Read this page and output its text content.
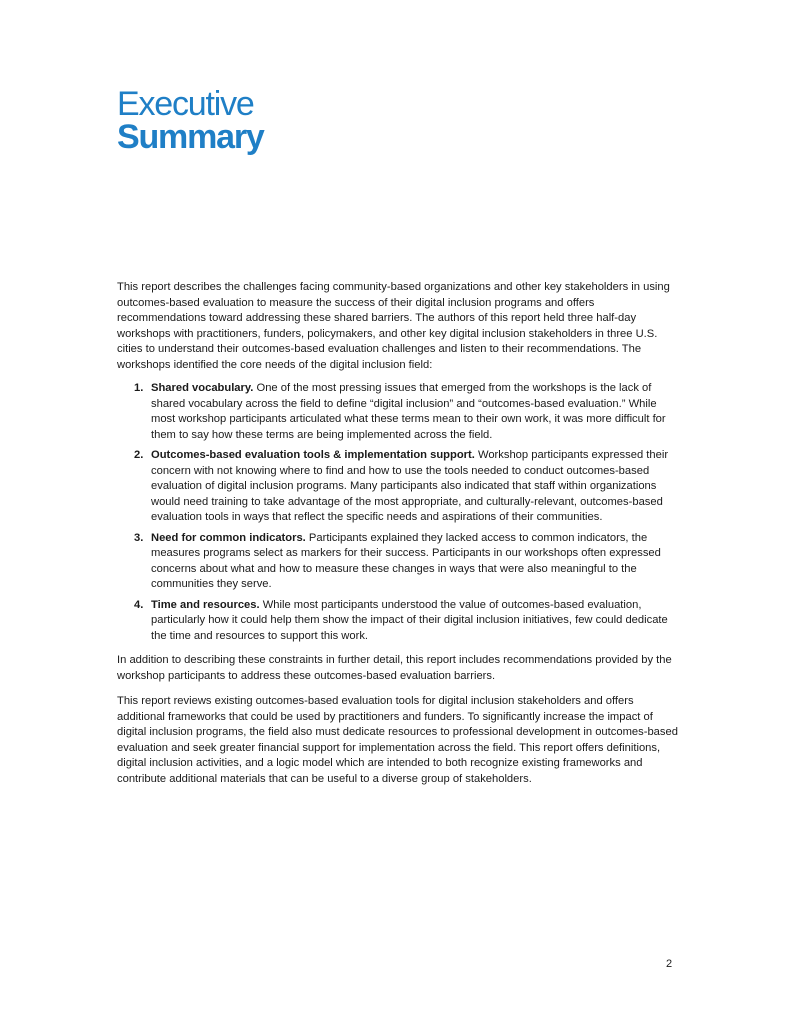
Executive
Summary

This report describes the challenges facing community-based organizations and other key stakeholders in using outcomes-based evaluation to measure the success of their digital inclusion programs and offers recommendations toward addressing these shared barriers. The authors of this report held three half-day workshops with practitioners, funders, policymakers, and other key digital inclusion stakeholders in three U.S. cities to understand their outcomes-based evaluation challenges and listen to their recommendations. The workshops identified the core needs of the digital inclusion field:

1. Shared vocabulary. One of the most pressing issues that emerged from the workshops is the lack of shared vocabulary across the field to define “digital inclusion” and “outcomes-based evaluation.” While most workshop participants articulated what these terms mean to their own work, it was more difficult for them to say how these terms are being implemented across the field.
2. Outcomes-based evaluation tools & implementation support. Workshop participants expressed their concern with not knowing where to find and how to use the tools needed to conduct outcomes-based evaluation of digital inclusion programs. Many participants also indicated that staff within organizations would need training to take advantage of the most appropriate, and culturally-relevant, outcomes-based evaluation tools in ways that reflect the specific needs and aspirations of their communities.
3. Need for common indicators. Participants explained they lacked access to common indicators, the measures programs select as markers for their success. Participants in our workshops often expressed concerns about what and how to measure these changes in ways that were also meaningful to the communities they serve.
4. Time and resources. While most participants understood the value of outcomes-based evaluation, particularly how it could help them show the impact of their digital inclusion initiatives, few could dedicate the time and resources to support this work.

In addition to describing these constraints in further detail, this report includes recommendations provided by the workshop participants to address these outcomes-based evaluation barriers.

This report reviews existing outcomes-based evaluation tools for digital inclusion stakeholders and offers additional frameworks that could be used by practitioners and funders. To significantly increase the impact of digital inclusion programs, the field also must dedicate resources to professional development in outcomes-based evaluation and seek greater financial support for implementation across the field. This report offers definitions, digital inclusion activities, and a logic model which are intended to both recognize existing frameworks and contribute additional materials that can be useful to a diverse group of stakeholders.

2
